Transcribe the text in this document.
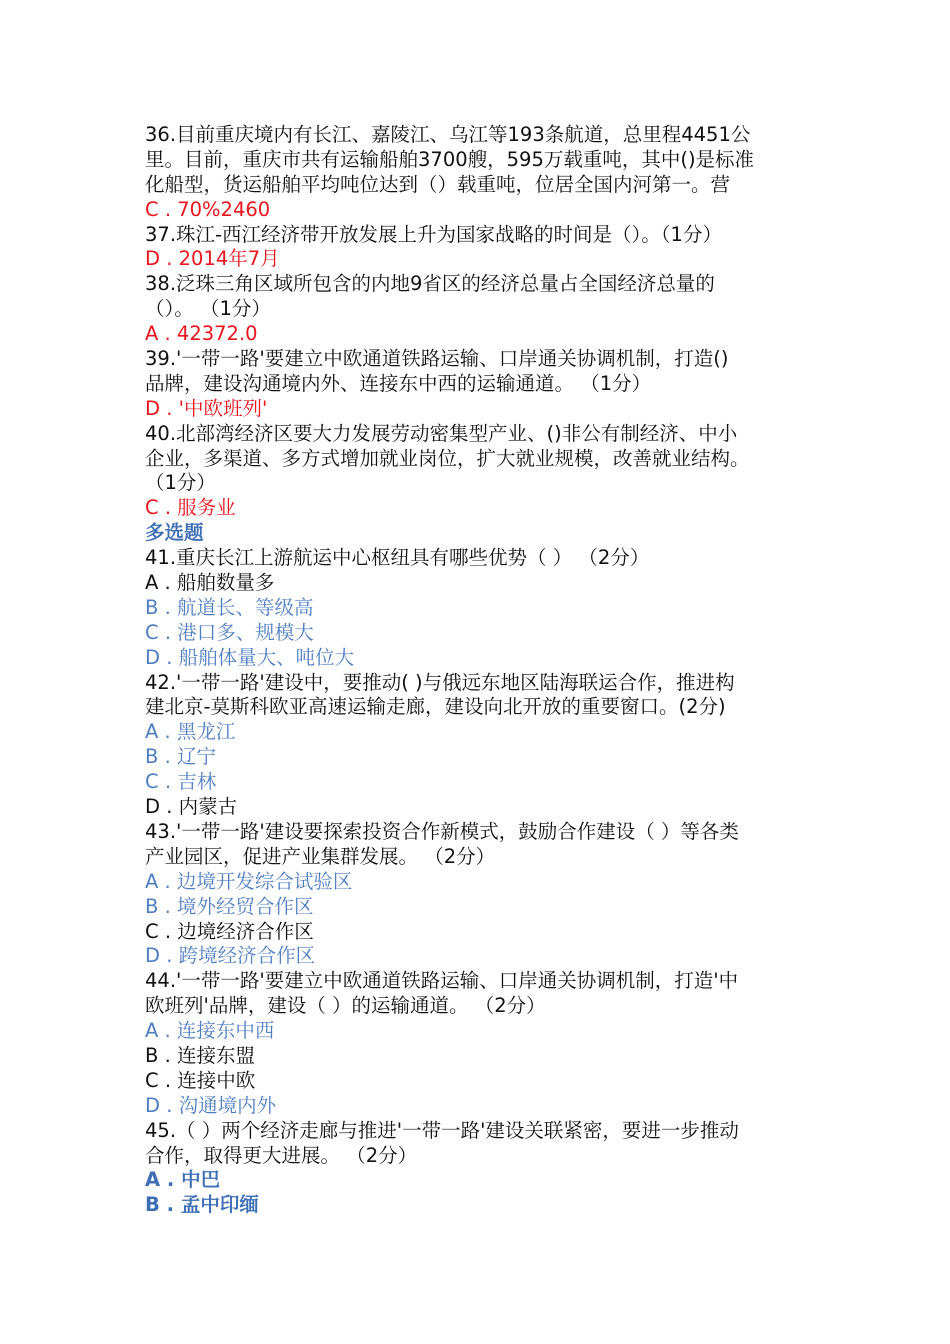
36.目前重庆境内有长江、嘉陵江、乌江等193条航道，总里程4451公
里。目前，重庆市共有运输船舶3700艘，595万载重吨，其中()是标准
化船型，货运船舶平均吨位达到（）载重吨，位居全国内河第一。营
C . 70%2460
37.珠江-西江经济带开放发展上升为国家战略的时间是（）。（1分）
D . 2014年7月
38.泛珠三角区域所包含的内地9省区的经济总量占全国经济总量的
（）。 （1分）
A . 42372.0
39.'一带一路'要建立中欧通道铁路运输、口岸通关协调机制，打造()
品牌，建设沟通境内外、连接东中西的运输通道。 （1分）
D . '中欧班列'
40.北部湾经济区要大力发展劳动密集型产业、()非公有制经济、中小
企业，多渠道、多方式增加就业岗位，扩大就业规模，改善就业结构。
（1分）
C . 服务业
多选题
41.重庆长江上游航运中心枢纽具有哪些优势（ ） （2分）
A . 船舶数量多
B . 航道长、等级高
C . 港口多、规模大
D . 船舶体量大、吨位大
42.'一带一路'建设中，要推动( )与俄远东地区陆海联运合作，推进构
建北京-莫斯科欧亚高速运输走廊，建设向北开放的重要窗口。(2分)
A . 黑龙江
B . 辽宁
C . 吉林
D . 内蒙古
43.'一带一路'建设要探索投资合作新模式，鼓励合作建设（ ）等各类
产业园区，促进产业集群发展。 （2分）
A . 边境开发综合试验区
B . 境外经贸合作区
C . 边境经济合作区
D . 跨境经济合作区
44.'一带一路'要建立中欧通道铁路运输、口岸通关协调机制，打造'中
欧班列'品牌，建设（ ）的运输通道。 （2分）
A . 连接东中西
B . 连接东盟
C . 连接中欧
D . 沟通境内外
45.（ ）两个经济走廊与推进'一带一路'建设关联紧密，要进一步推动
合作，取得更大进展。 （2分）
A . 中巴
B . 孟中印缅
